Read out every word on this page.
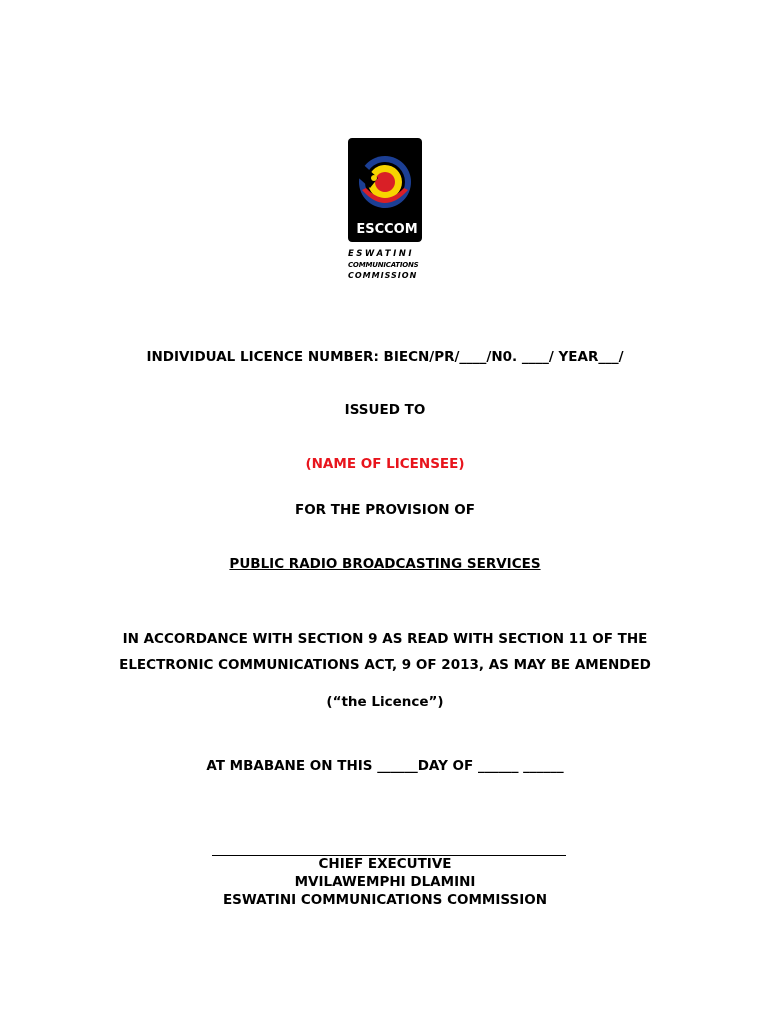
ESCCOM
ESWATINI
COMMUNICATIONS
COMMISSION
INDIVIDUAL LICENCE NUMBER: BIECN/PR/____/N0. ____/ YEAR___/
ISSUED TO
(NAME OF LICENSEE)
FOR THE PROVISION OF
PUBLIC RADIO BROADCASTING SERVICES
IN ACCORDANCE WITH SECTION 9 AS READ WITH SECTION 11 OF THE
ELECTRONIC COMMUNICATIONS ACT, 9 OF 2013, AS MAY BE AMENDED
(“the Licence”)
AT MBABANE ON THIS ______DAY OF ______ ______
CHIEF EXECUTIVE
MVILAWEMPHI DLAMINI
ESWATINI COMMUNICATIONS COMMISSION
